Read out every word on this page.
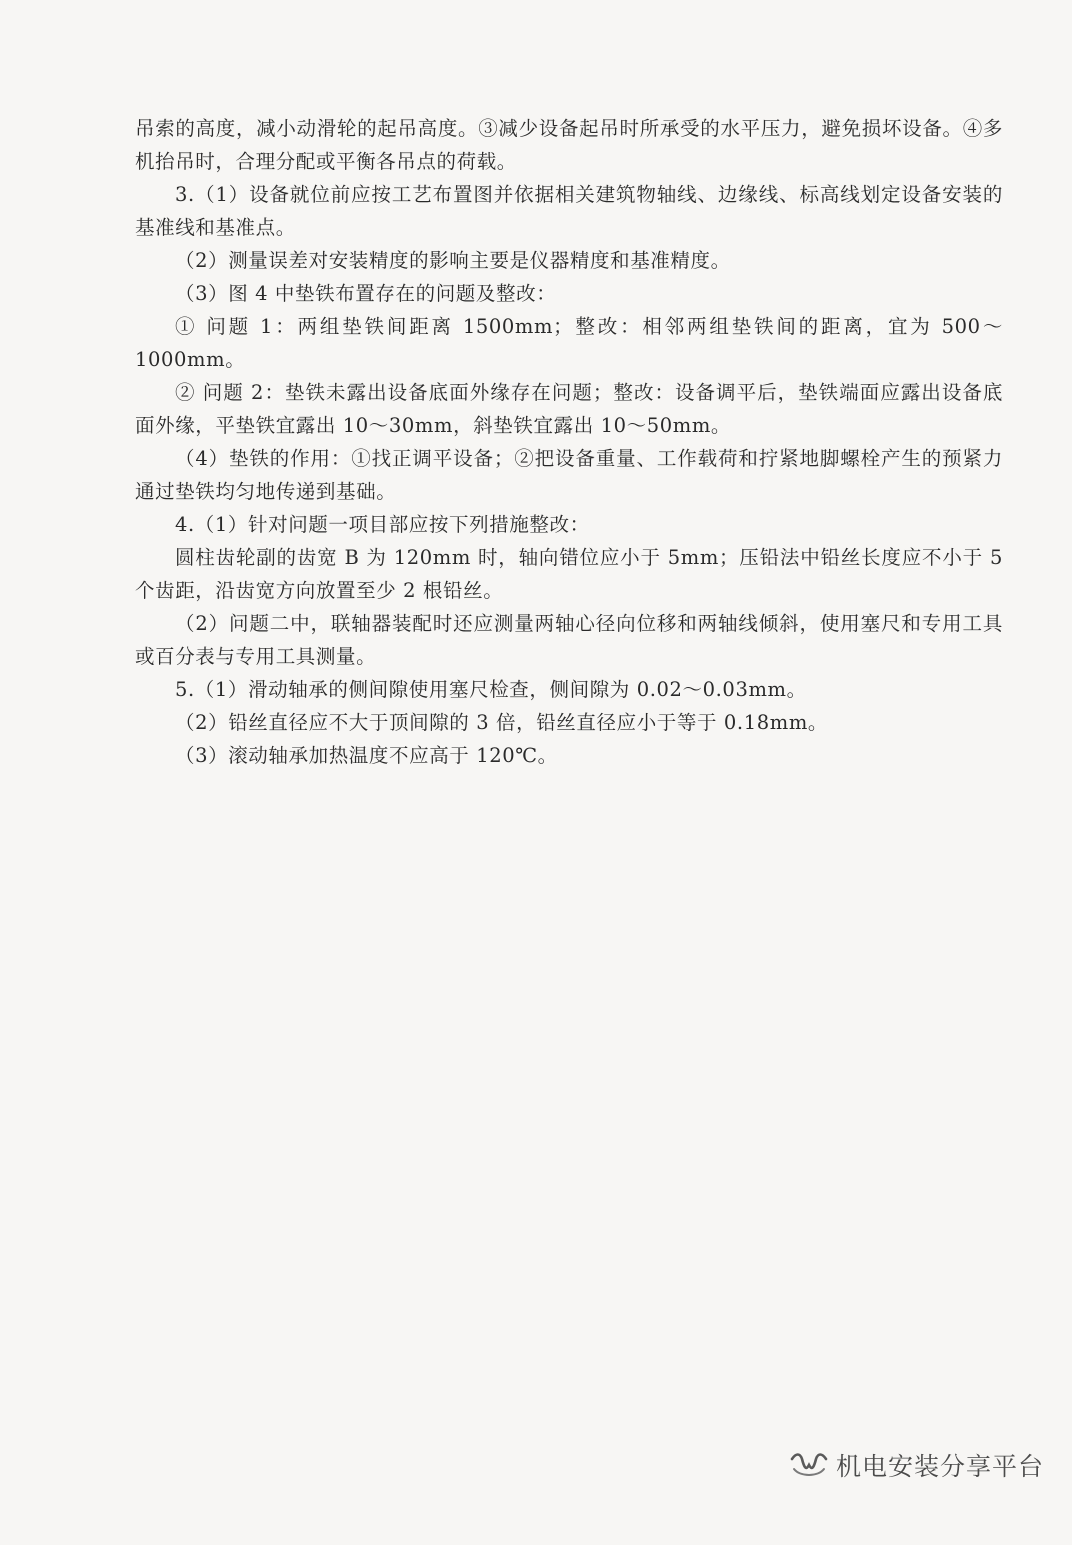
吊索的高度，减小动滑轮的起吊高度。③减少设备起吊时所承受的水平压力，避免损坏设备。④多机抬吊时，合理分配或平衡各吊点的荷载。

3.（1）设备就位前应按工艺布置图并依据相关建筑物轴线、边缘线、标高线划定设备安装的基准线和基准点。

（2）测量误差对安装精度的影响主要是仪器精度和基准精度。

（3）图 4 中垫铁布置存在的问题及整改：

① 问题 1：两组垫铁间距离 1500mm；整改：相邻两组垫铁间的距离，宜为 500～1000mm。

② 问题 2：垫铁未露出设备底面外缘存在问题；整改：设备调平后，垫铁端面应露出设备底面外缘，平垫铁宜露出 10～30mm，斜垫铁宜露出 10～50mm。

（4）垫铁的作用：①找正调平设备；②把设备重量、工作载荷和拧紧地脚螺栓产生的预紧力通过垫铁均匀地传递到基础。

4.（1）针对问题一项目部应按下列措施整改：

圆柱齿轮副的齿宽 B 为 120mm 时，轴向错位应小于 5mm；压铅法中铅丝长度应不小于 5 个齿距，沿齿宽方向放置至少 2 根铅丝。

（2）问题二中，联轴器装配时还应测量两轴心径向位移和两轴线倾斜，使用塞尺和专用工具或百分表与专用工具测量。

5.（1）滑动轴承的侧间隙使用塞尺检查，侧间隙为 0.02～0.03mm。

（2）铅丝直径应不大于顶间隙的 3 倍，铅丝直径应小于等于 0.18mm。

（3）滚动轴承加热温度不应高于 120℃。

机电安装分享平台
